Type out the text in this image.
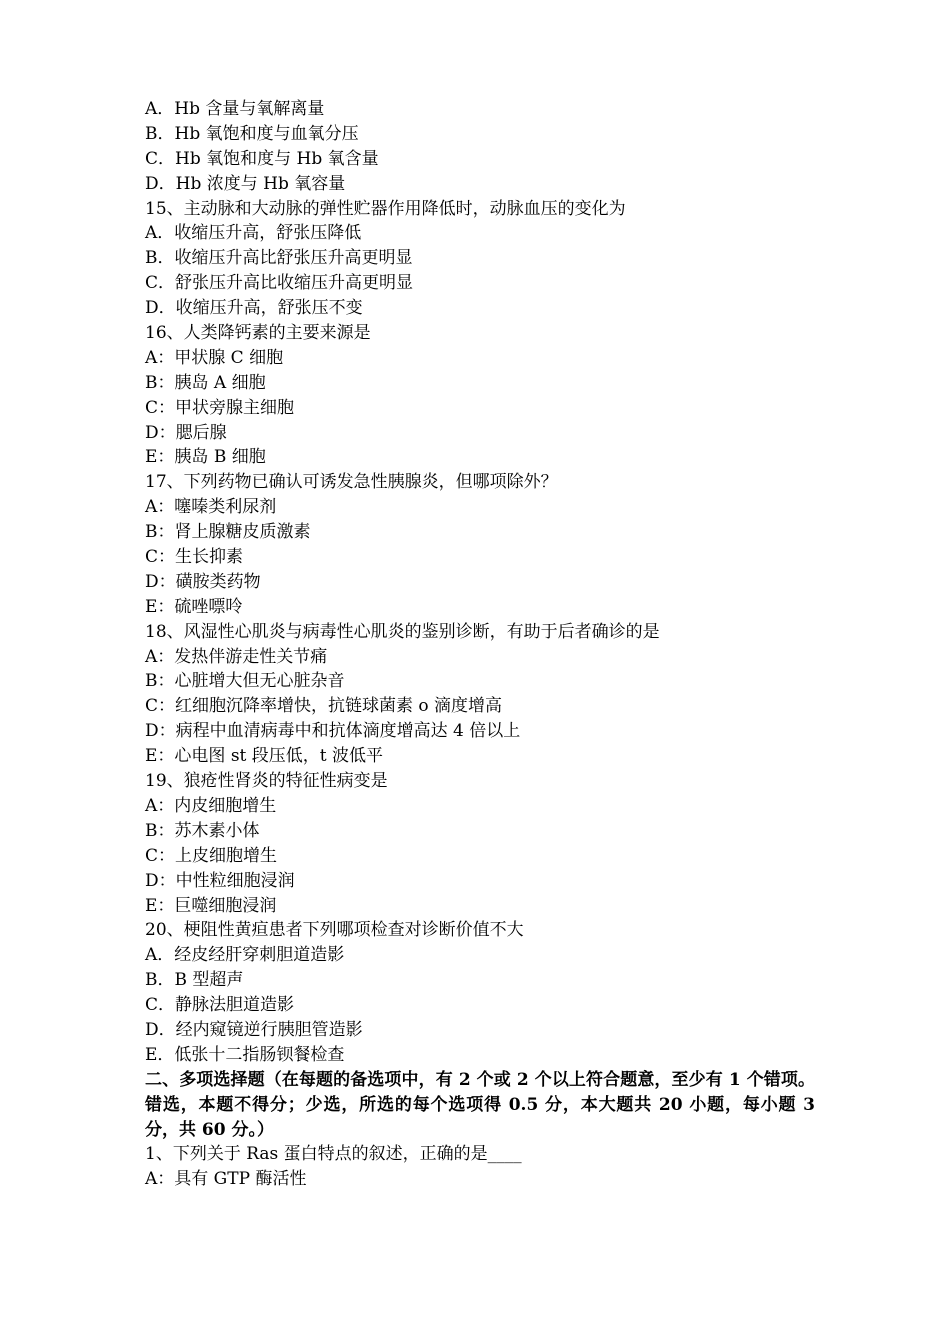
A．Hb 含量与氧解离量
B．Hb 氧饱和度与血氧分压
C．Hb 氧饱和度与 Hb 氧含量
D．Hb 浓度与 Hb 氧容量
15、主动脉和大动脉的弹性贮器作用降低时，动脉血压的变化为
A．收缩压升高，舒张压降低
B．收缩压升高比舒张压升高更明显
C．舒张压升高比收缩压升高更明显
D．收缩压升高，舒张压不变
16、人类降钙素的主要来源是
A：甲状腺 C 细胞
B：胰岛 A 细胞
C：甲状旁腺主细胞
D：腮后腺
E：胰岛 B 细胞
17、下列药物已确认可诱发急性胰腺炎，但哪项除外？
A：噻嗪类利尿剂
B：肾上腺糖皮质激素
C：生长抑素
D：磺胺类药物
E：硫唑嘌呤
18、风湿性心肌炎与病毒性心肌炎的鉴别诊断，有助于后者确诊的是
A：发热伴游走性关节痛
B：心脏增大但无心脏杂音
C：红细胞沉降率增快，抗链球菌素 o 滴度增高
D：病程中血清病毒中和抗体滴度增高达 4 倍以上
E：心电图 st 段压低，t 波低平
19、狼疮性肾炎的特征性病变是
A：内皮细胞增生
B：苏木素小体
C：上皮细胞增生
D：中性粒细胞浸润
E：巨噬细胞浸润
20、梗阻性黄疸患者下列哪项检查对诊断价值不大
A．经皮经肝穿刺胆道造影
B．B 型超声
C．静脉法胆道造影
D．经内窥镜逆行胰胆管造影
E．低张十二指肠钡餐检查
二、多项选择题（在每题的备选项中，有 2 个或 2 个以上符合题意，至少有 1 个错项。错选，本题不得分；少选，所选的每个选项得 0.5 分，本大题共 20 小题，每小题 3 分，共 60 分。）
1、下列关于 Ras 蛋白特点的叙述，正确的是____
A：具有 GTP 酶活性
